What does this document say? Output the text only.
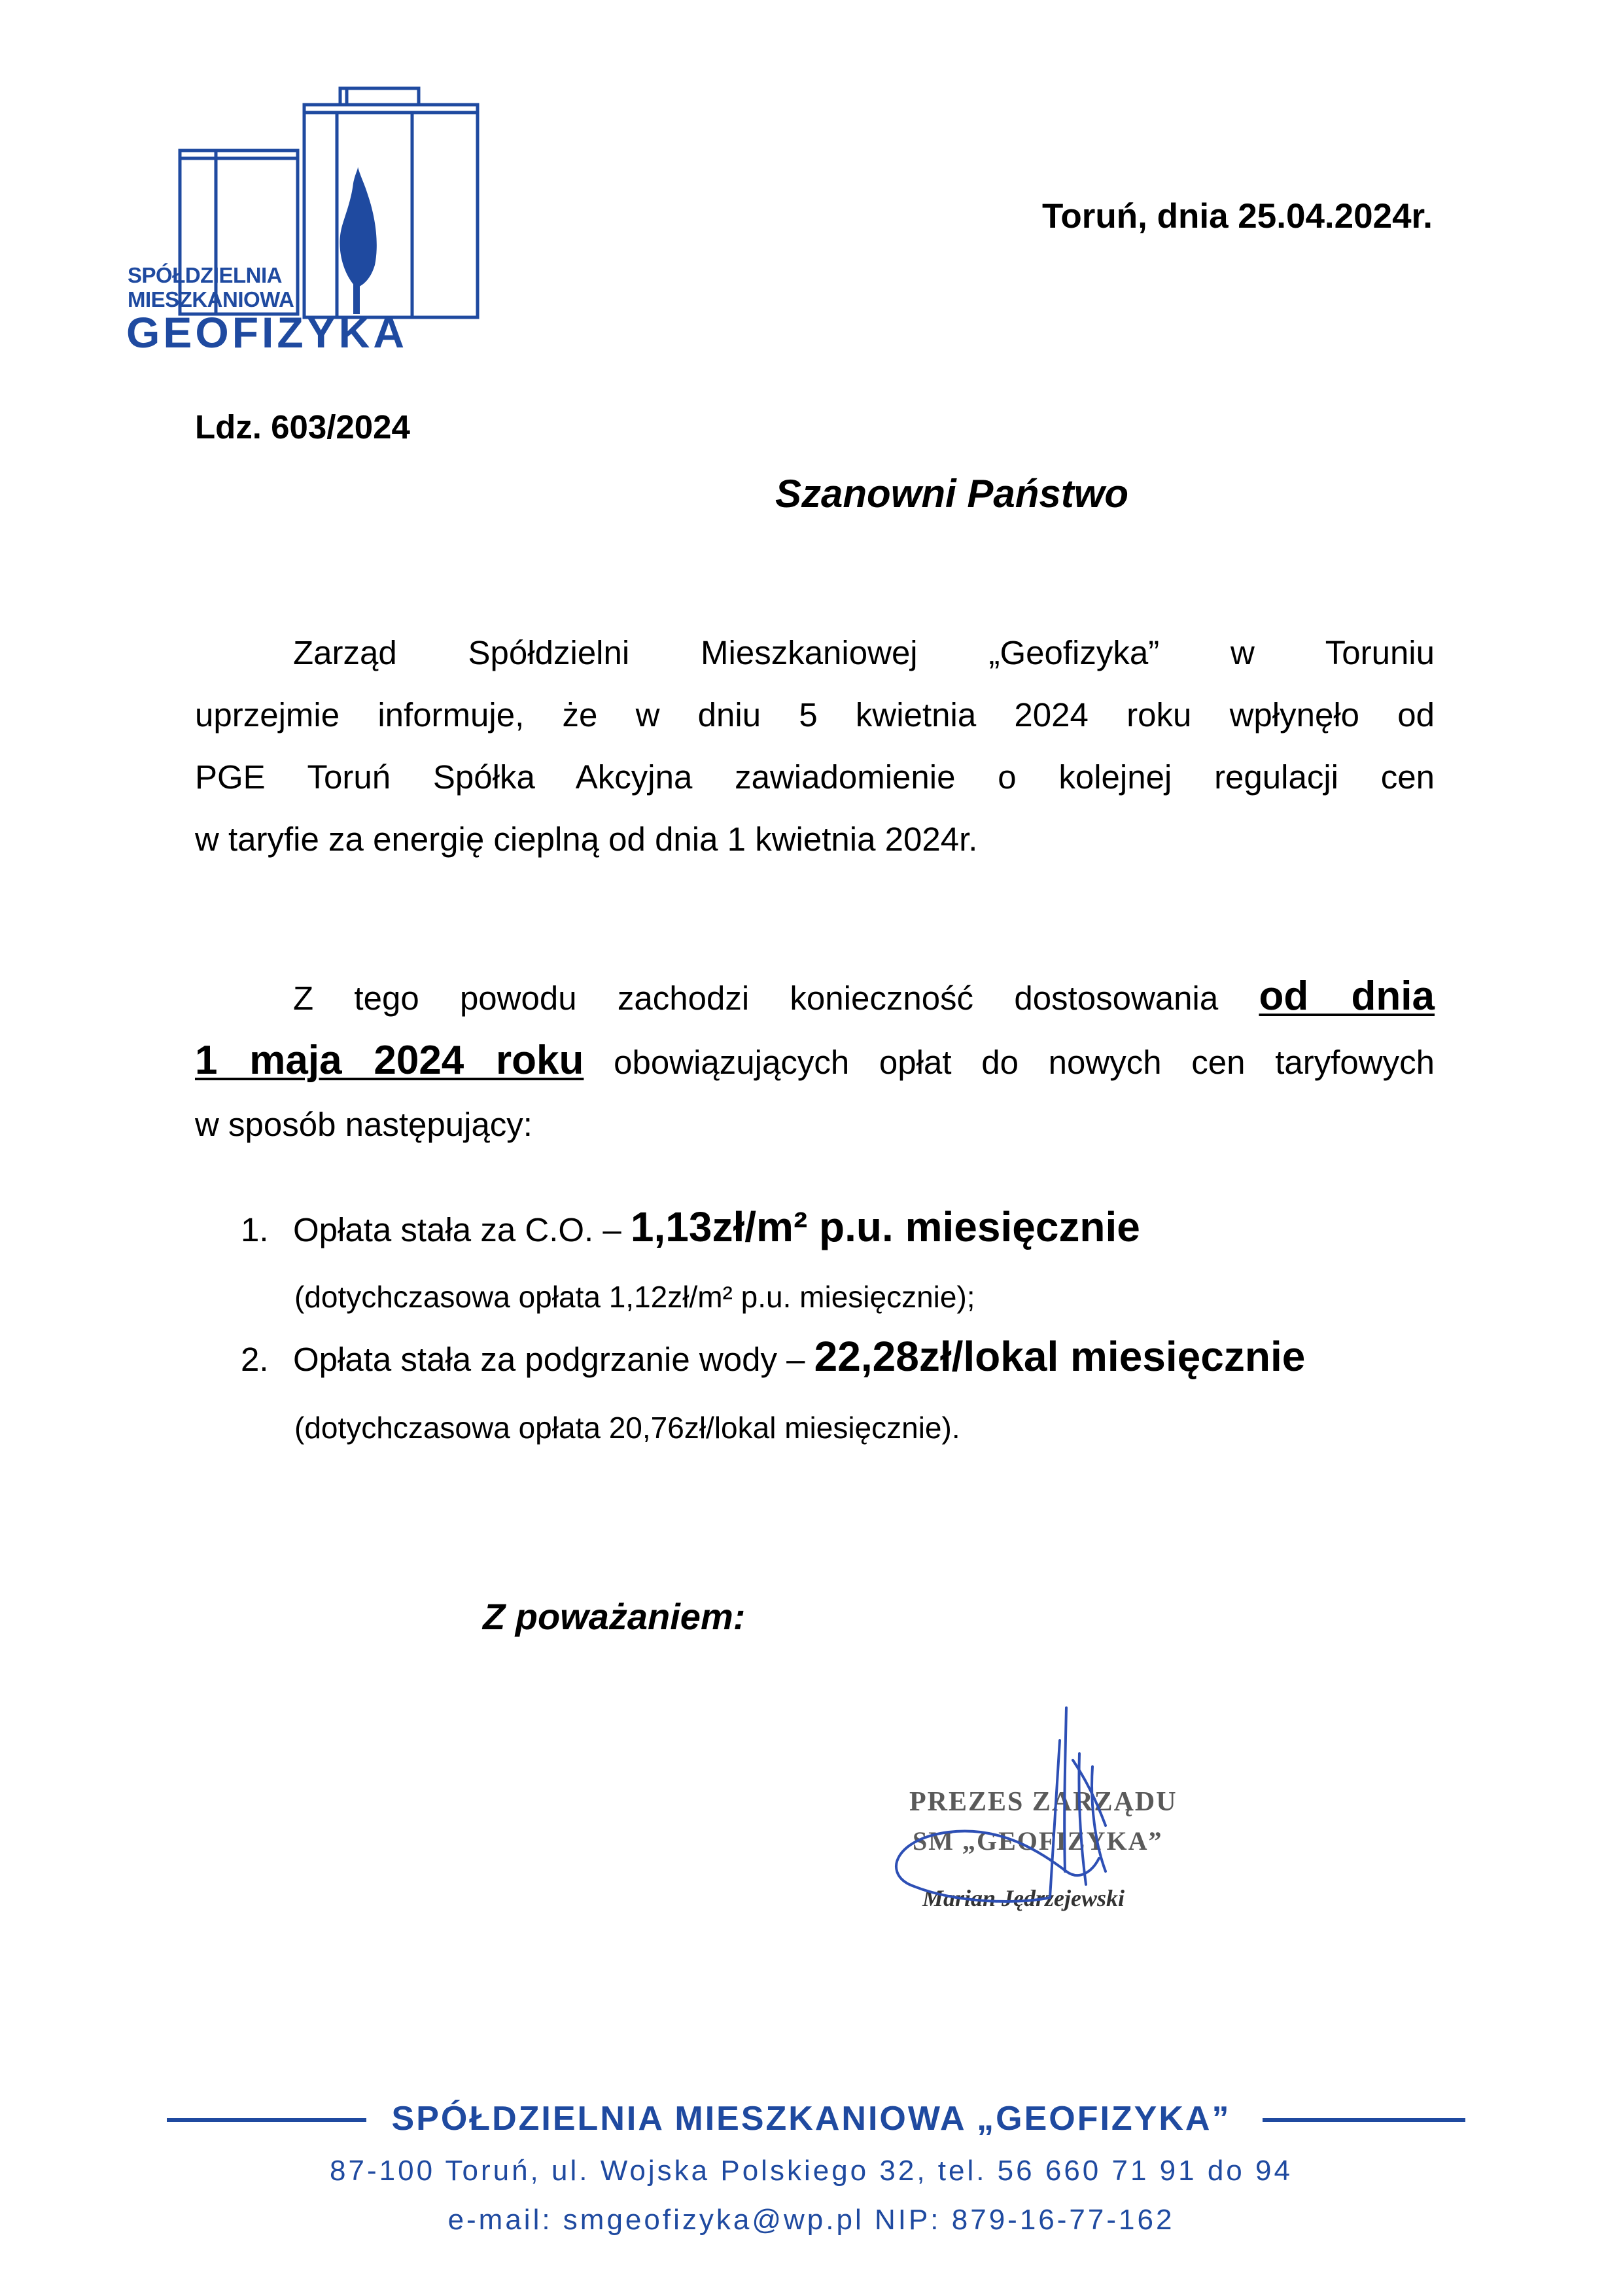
SPÓŁDZIELNIA
MIESZKANIOWA
GEOFIZYKA
Toruń, dnia 25.04.2024r.
Ldz. 603/2024
Szanowni Państwo
Zarząd Spółdzielni Mieszkaniowej „Geofizyka” w Toruniu
uprzejmie informuje, że w dniu 5 kwietnia 2024 roku wpłynęło od
PGE Toruń Spółka Akcyjna zawiadomienie o kolejnej regulacji cen
w taryfie za energię cieplną od dnia 1 kwietnia 2024r.
Z tego powodu zachodzi konieczność dostosowania od dnia
1 maja 2024 roku obowiązujących opłat do nowych cen taryfowych
w sposób następujący:
1. Opłata stała za C.O. – 1,13zł/m² p.u. miesięcznie
(dotychczasowa opłata 1,12zł/m² p.u. miesięcznie);
2. Opłata stała za podgrzanie wody – 22,28zł/lokal miesięcznie
(dotychczasowa opłata 20,76zł/lokal miesięcznie).
Z poważaniem:
PREZES ZARZĄDU
SM „GEOFIZYKA”
Marian Jędrzejewski
SPÓŁDZIELNIA MIESZKANIOWA „GEOFIZYKA”
87-100 Toruń, ul. Wojska Polskiego 32, tel. 56 660 71 91 do 94
e-mail: smgeofizyka@wp.pl NIP: 879-16-77-162
